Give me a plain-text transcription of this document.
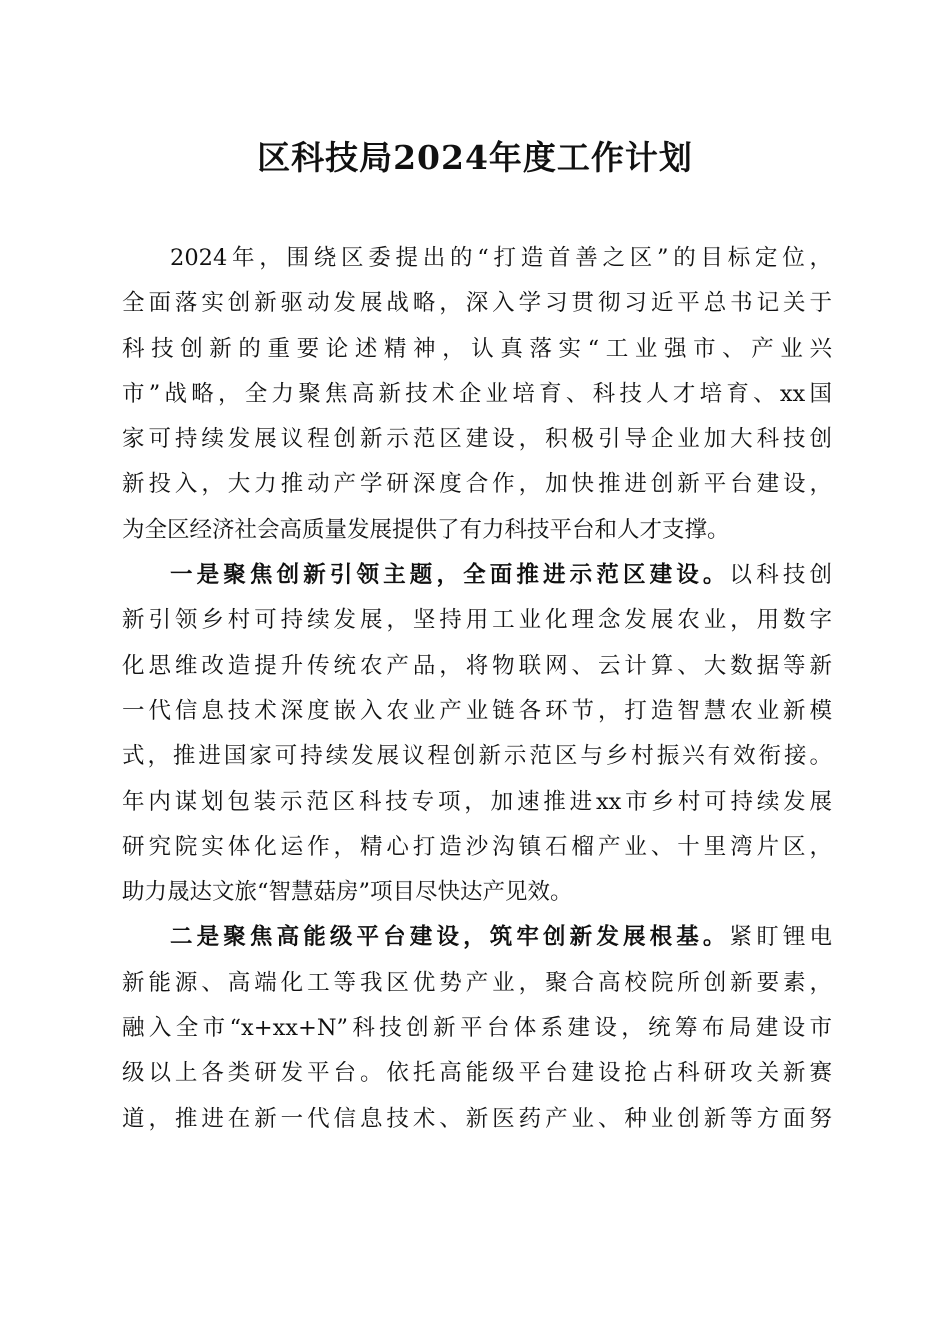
区科技局2024年度工作计划
2024年，围绕区委提出的“打造首善之区”的目标定位，
全面落实创新驱动发展战略，深入学习贯彻习近平总书记关于
科技创新的重要论述精神，认真落实“工业强市、产业兴
市”战略，全力聚焦高新技术企业培育、科技人才培育、xx国
家可持续发展议程创新示范区建设，积极引导企业加大科技创
新投入，大力推动产学研深度合作，加快推进创新平台建设，
为全区经济社会高质量发展提供了有力科技平台和人才支撑。
一是聚焦创新引领主题，全面推进示范区建设。以科技创
新引领乡村可持续发展，坚持用工业化理念发展农业，用数字
化思维改造提升传统农产品，将物联网、云计算、大数据等新
一代信息技术深度嵌入农业产业链各环节，打造智慧农业新模
式，推进国家可持续发展议程创新示范区与乡村振兴有效衔接。
年内谋划包装示范区科技专项，加速推进xx市乡村可持续发展
研究院实体化运作，精心打造沙沟镇石榴产业、十里湾片区，
助力晟达文旅“智慧菇房”项目尽快达产见效。
二是聚焦高能级平台建设，筑牢创新发展根基。紧盯锂电
新能源、高端化工等我区优势产业，聚合高校院所创新要素，
融入全市“x+xx+N”科技创新平台体系建设，统筹布局建设市
级以上各类研发平台。依托高能级平台建设抢占科研攻关新赛
道，推进在新一代信息技术、新医药产业、种业创新等方面努
